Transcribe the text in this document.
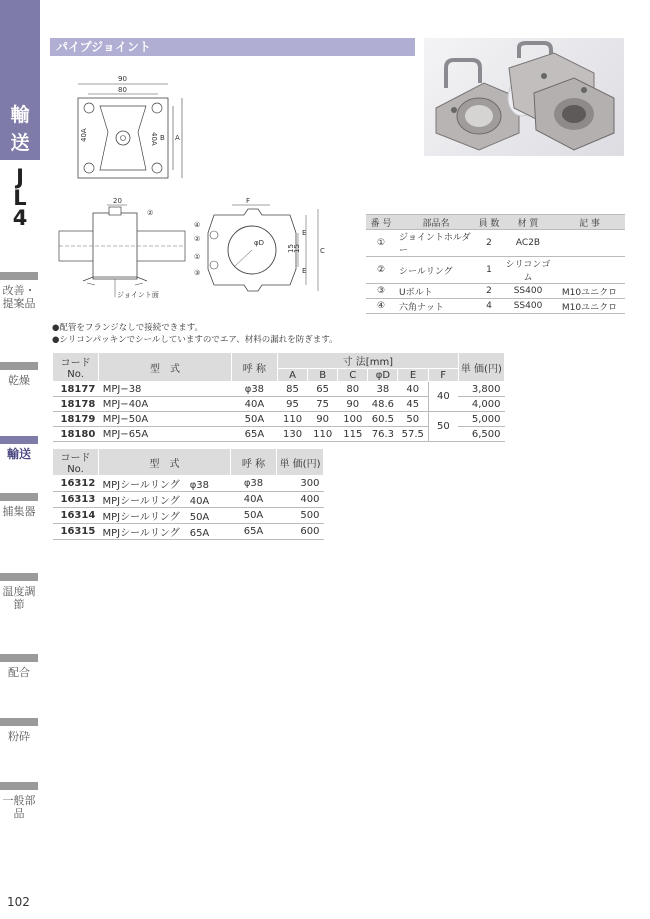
輸
送
J
L
4
改善・提案品
乾燥
輸送
捕集器
温度調節
配合
粉砕
一般部品
102
パイプジョイント
90
80
40A	40A B A
20
②
ジョイント面
F
φD
④
②
①
③
15
15
E
E
C
番 号	部品名	員 数	材 質	記 事
①	ジョイントホルダー	2	AC2B	
②	シールリング	1	シリコンゴム	
③	Uボルト	2	SS400	M10ユニクロ
④	六角ナット	4	SS400	M10ユニクロ
●配管をフランジなしで接続できます。
●シリコンパッキンでシールしていますのでエア、材料の漏れを防ぎます。
コードNo.	型　式	呼 称	寸 法[mm]						単 価(円)
			A	B	C	φD	E	F	
18177	MPJ−38	φ38	85	65	80	38	40	40	3,800
18178	MPJ−40A	40A	95	75	90	48.6	45		4,000
18179	MPJ−50A	50A	110	90	100	60.5	50	50	5,000
18180	MPJ−65A	65A	130	110	115	76.3	57.5		6,500
コードNo.	型　式	呼 称	単 価(円)
16312	MPJシールリング　φ38	φ38	300
16313	MPJシールリング　40A	40A	400
16314	MPJシールリング　50A	50A	500
16315	MPJシールリング　65A	65A	600
